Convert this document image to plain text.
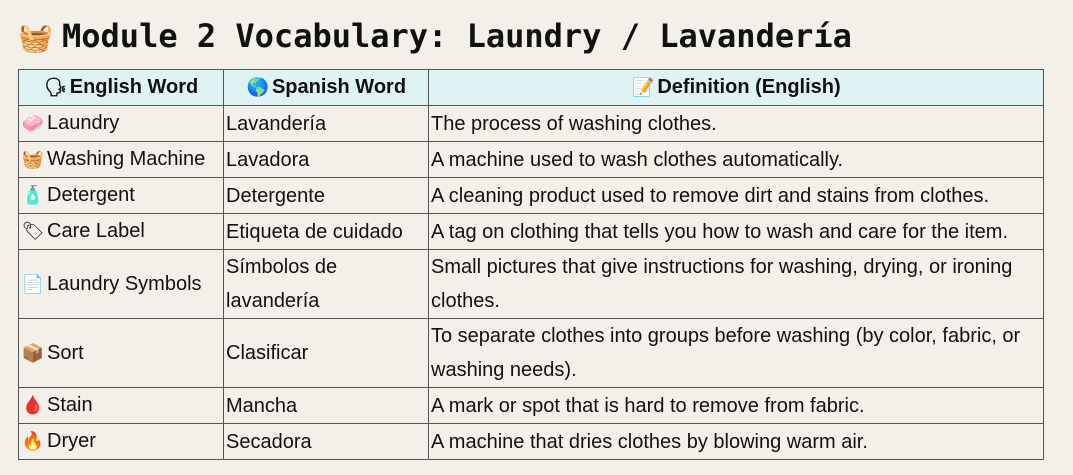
🧺 Module 2 Vocabulary: Laundry / Lavandería
🗣 English Word	🌎 Spanish Word	📝 Definition (English)
🧼 Laundry	Lavandería	The process of washing clothes.
🧺 Washing Machine	Lavadora	A machine used to wash clothes automatically.
🧴 Detergent	Detergente	A cleaning product used to remove dirt and stains from clothes.
🏷 Care Label	Etiqueta de cuidado	A tag on clothing that tells you how to wash and care for the item.
📄 Laundry Symbols	Símbolos de lavandería	Small pictures that give instructions for washing, drying, or ironing clothes.
📦 Sort	Clasificar	To separate clothes into groups before washing (by color, fabric, or washing needs).
🩸 Stain	Mancha	A mark or spot that is hard to remove from fabric.
🔥 Dryer	Secadora	A machine that dries clothes by blowing warm air.
